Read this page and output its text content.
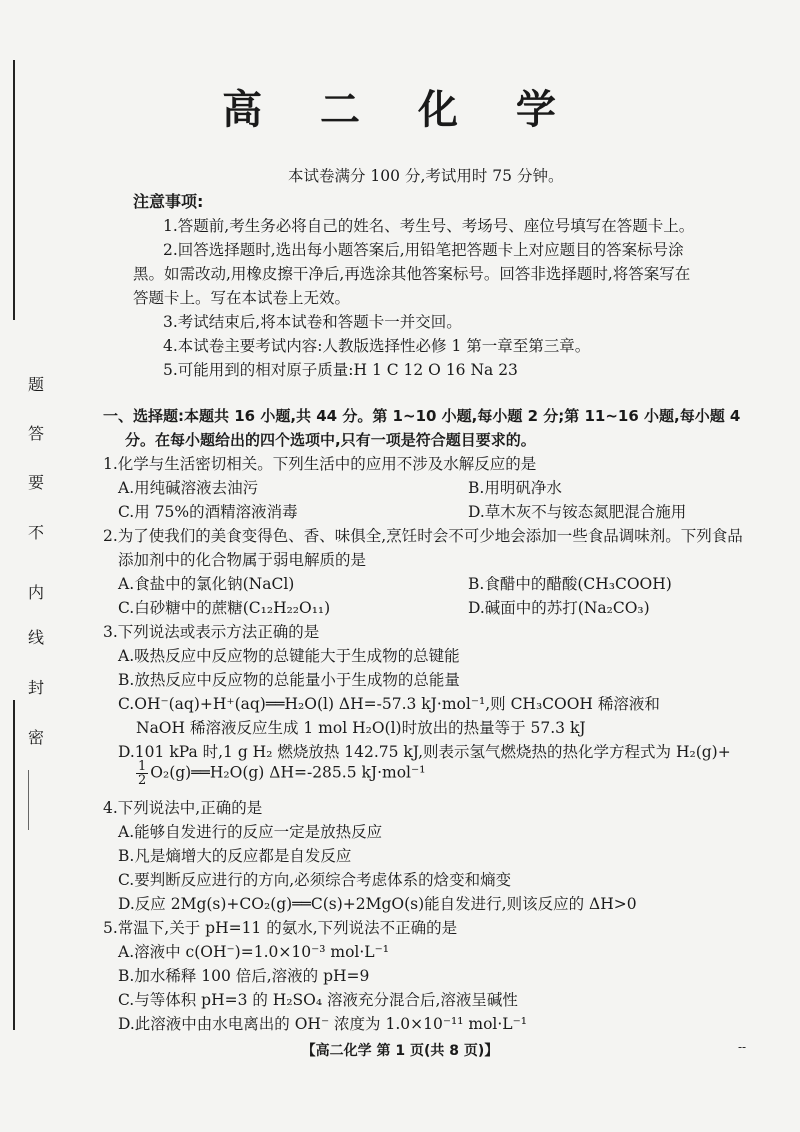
题
答
要
不
内
线
封
密
高 二 化 学
本试卷满分 100 分,考试用时 75 分钟。
注意事项:
1.答题前,考生务必将自己的姓名、考生号、考场号、座位号填写在答题卡上。
2.回答选择题时,选出每小题答案后,用铅笔把答题卡上对应题目的答案标号涂
黑。如需改动,用橡皮擦干净后,再选涂其他答案标号。回答非选择题时,将答案写在
答题卡上。写在本试卷上无效。
3.考试结束后,将本试卷和答题卡一并交回。
4.本试卷主要考试内容:人教版选择性必修 1 第一章至第三章。
5.可能用到的相对原子质量:H 1 C 12 O 16 Na 23
一、选择题:本题共 16 小题,共 44 分。第 1~10 小题,每小题 2 分;第 11~16 小题,每小题 4
分。在每小题给出的四个选项中,只有一项是符合题目要求的。
1.化学与生活密切相关。下列生活中的应用不涉及水解反应的是
A.用纯碱溶液去油污	B.用明矾净水
C.用 75%的酒精溶液消毒	D.草木灰不与铵态氮肥混合施用
2.为了使我们的美食变得色、香、味俱全,烹饪时会不可少地会添加一些食品调味剂。下列食品
添加剂中的化合物属于弱电解质的是
A.食盐中的氯化钠(NaCl)	B.食醋中的醋酸(CH₃COOH)
C.白砂糖中的蔗糖(C₁₂H₂₂O₁₁)	D.碱面中的苏打(Na₂CO₃)
3.下列说法或表示方法正确的是
A.吸热反应中反应物的总键能大于生成物的总键能
B.放热反应中反应物的总能量小于生成物的总能量
C.OH⁻(aq)+H⁺(aq)══H₂O(l) ΔH=-57.3 kJ·mol⁻¹,则 CH₃COOH 稀溶液和
NaOH 稀溶液反应生成 1 mol H₂O(l)时放出的热量等于 57.3 kJ
D.101 kPa 时,1 g H₂ 燃烧放热 142.75 kJ,则表示氢气燃烧热的热化学方程式为 H₂(g)+
$\frac{1}{2}$ O₂(g)══H₂O(g) ΔH=-285.5 kJ·mol⁻¹
4.下列说法中,正确的是
A.能够自发进行的反应一定是放热反应
B.凡是熵增大的反应都是自发反应
C.要判断反应进行的方向,必须综合考虑体系的焓变和熵变
D.反应 2Mg(s)+CO₂(g)══C(s)+2MgO(s)能自发进行,则该反应的 ΔH>0
5.常温下,关于 pH=11 的氨水,下列说法不正确的是
A.溶液中 c(OH⁻)=1.0×10⁻³ mol·L⁻¹
B.加水稀释 100 倍后,溶液的 pH=9
C.与等体积 pH=3 的 H₂SO₄ 溶液充分混合后,溶液呈碱性
D.此溶液中由水电离出的 OH⁻ 浓度为 1.0×10⁻¹¹ mol·L⁻¹
【高二化学 第 1 页(共 8 页)】	--
